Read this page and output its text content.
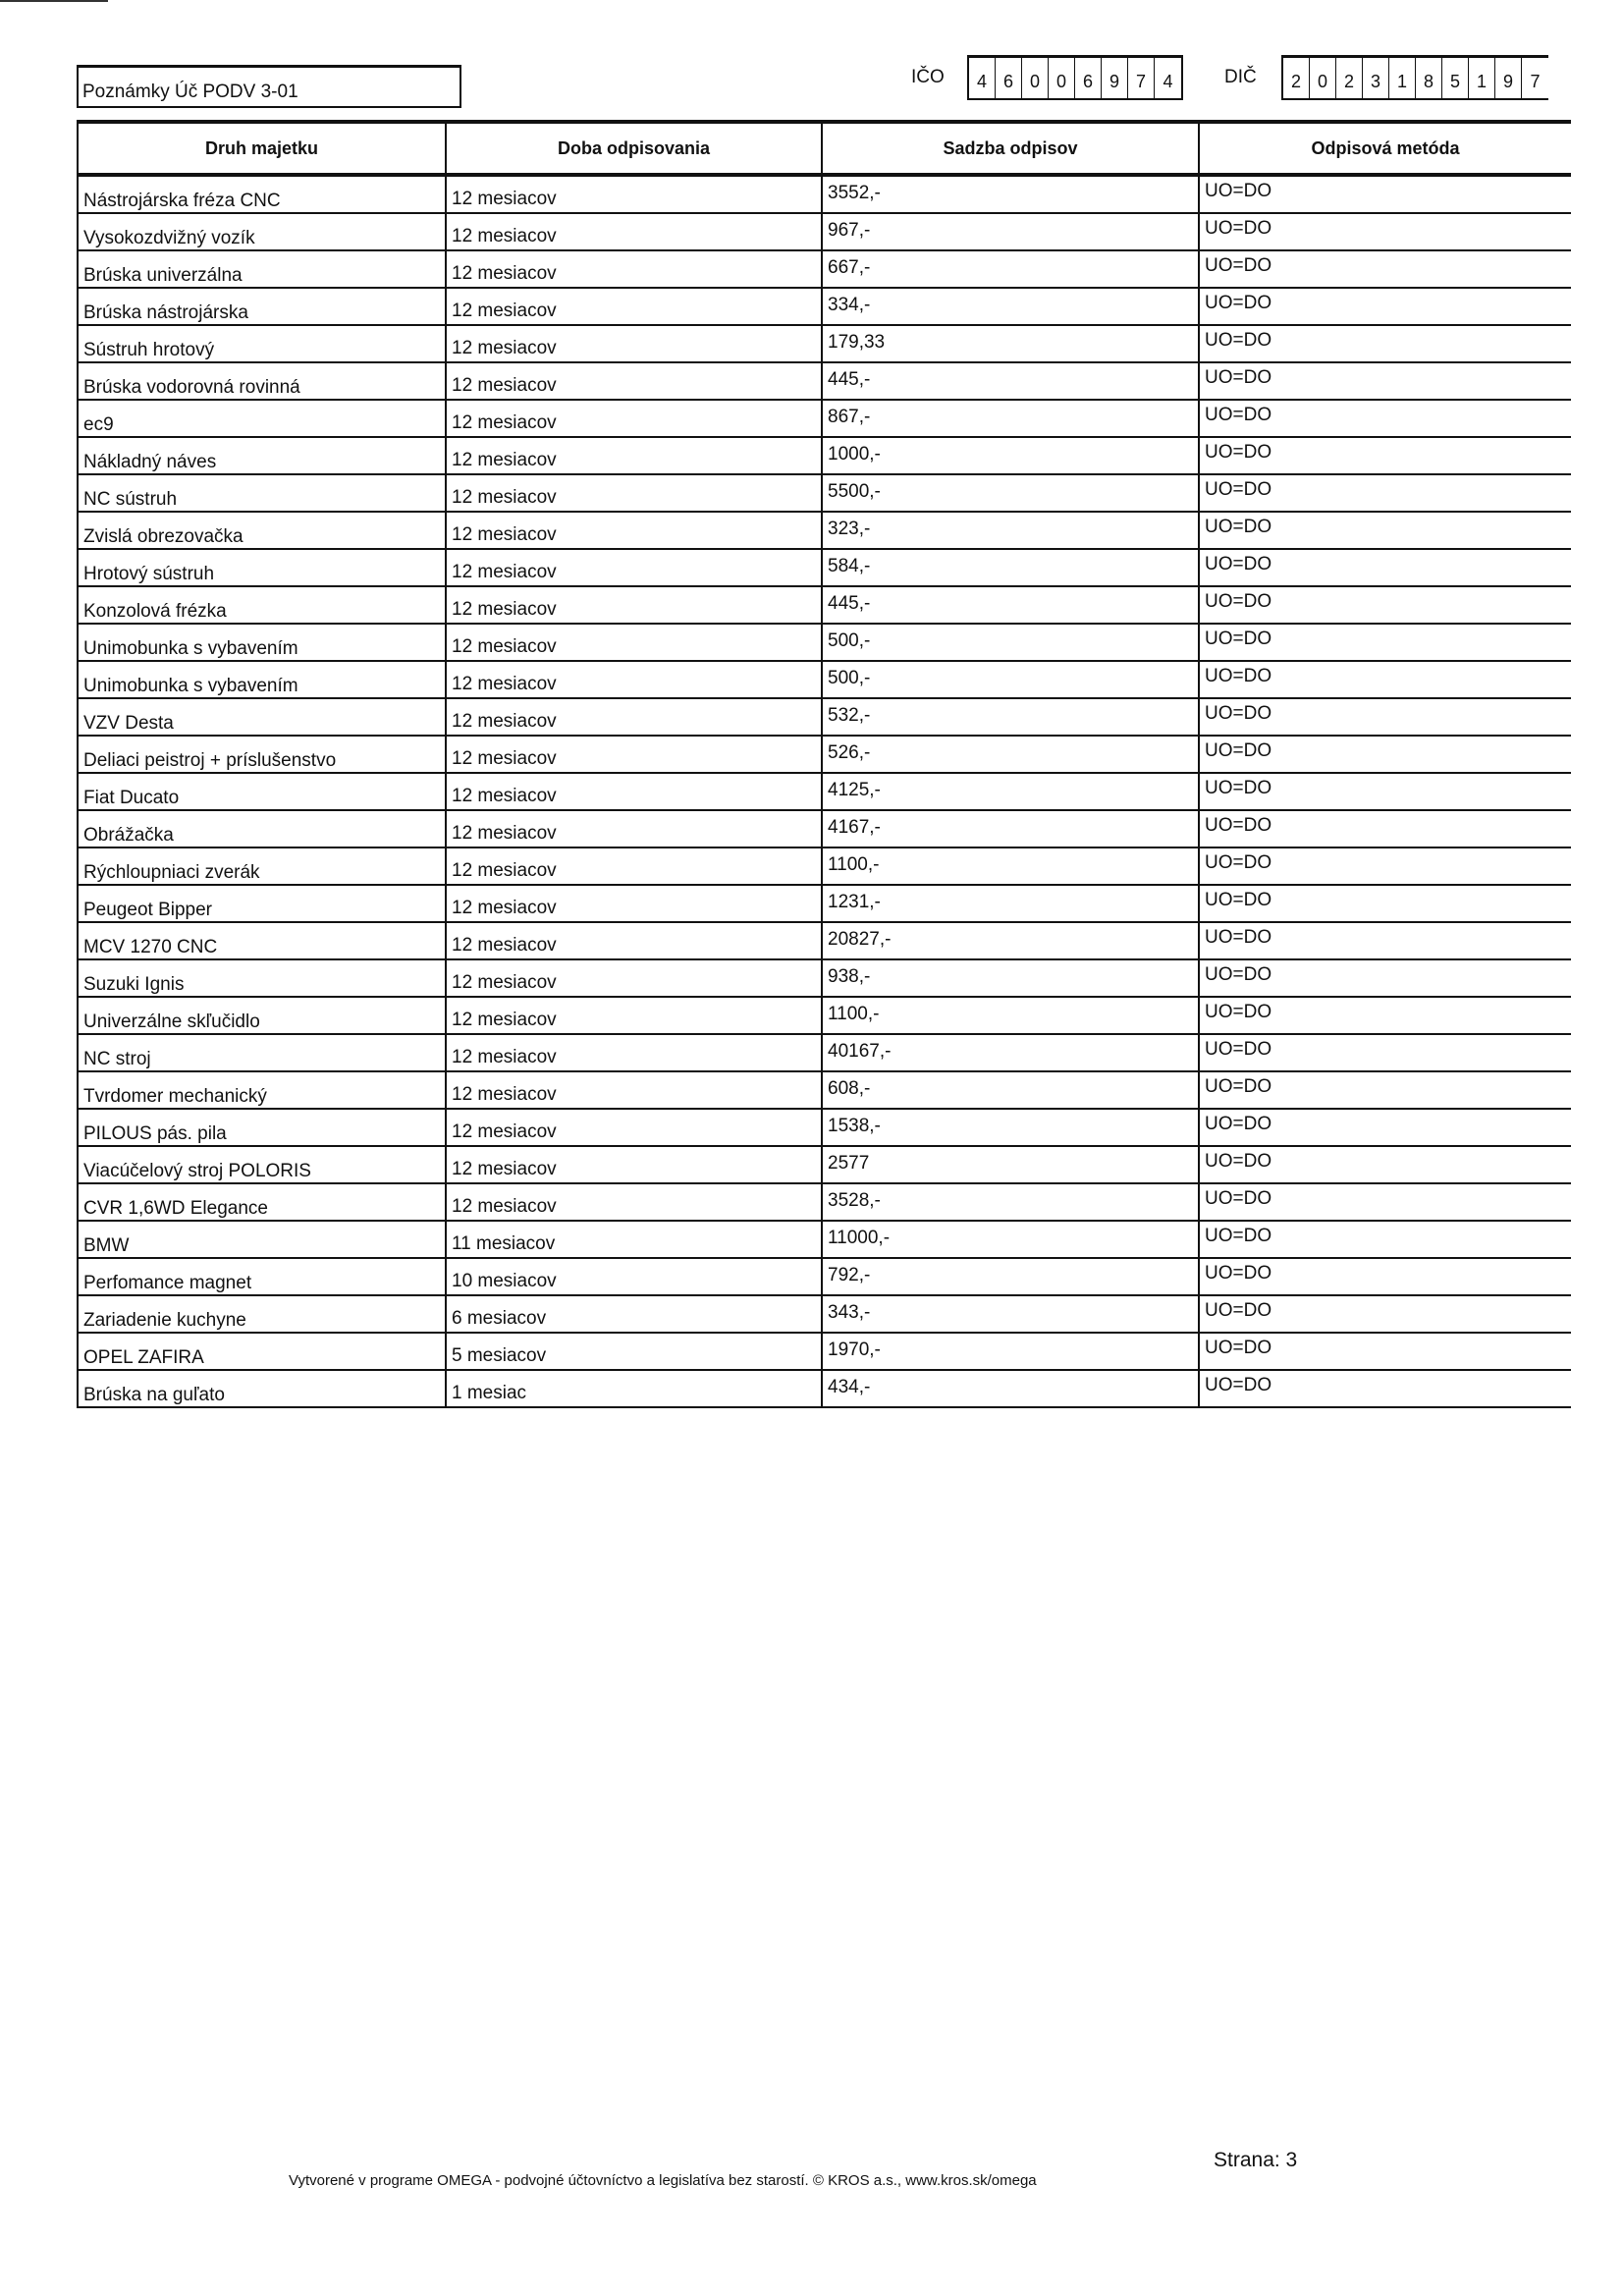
Poznámky Úč PODV 3-01
IČO	4 6 0 0 6 9 7 4	DIČ	2 0 2 3 1 8 5 1 9 7
Druh majetku	Doba odpisovania	Sadzba odpisov	Odpisová metóda
Nástrojárska fréza CNC	12 mesiacov	3552,-	UO=DO
Vysokozdvižný vozík	12 mesiacov	967,-	UO=DO
Brúska univerzálna	12 mesiacov	667,-	UO=DO
Brúska nástrojárska	12 mesiacov	334,-	UO=DO
Sústruh hrotový	12 mesiacov	179,33	UO=DO
Brúska vodorovná rovinná	12 mesiacov	445,-	UO=DO
ec9	12 mesiacov	867,-	UO=DO
Nákladný náves	12 mesiacov	1000,-	UO=DO
NC sústruh	12 mesiacov	5500,-	UO=DO
Zvislá obrezovačka	12 mesiacov	323,-	UO=DO
Hrotový sústruh	12 mesiacov	584,-	UO=DO
Konzolová frézka	12 mesiacov	445,-	UO=DO
Unimobunka s vybavením	12 mesiacov	500,-	UO=DO
Unimobunka s vybavením	12 mesiacov	500,-	UO=DO
VZV Desta	12 mesiacov	532,-	UO=DO
Deliaci peistroj + príslušenstvo	12 mesiacov	526,-	UO=DO
Fiat Ducato	12 mesiacov	4125,-	UO=DO
Obrážačka	12 mesiacov	4167,-	UO=DO
Rýchloupniaci zverák	12 mesiacov	1100,-	UO=DO
Peugeot Bipper	12 mesiacov	1231,-	UO=DO
MCV 1270 CNC	12 mesiacov	20827,-	UO=DO
Suzuki Ignis	12 mesiacov	938,-	UO=DO
Univerzálne skľučidlo	12 mesiacov	1100,-	UO=DO
NC stroj	12 mesiacov	40167,-	UO=DO
Tvrdomer mechanický	12 mesiacov	608,-	UO=DO
PILOUS pás. pila	12 mesiacov	1538,-	UO=DO
Viacúčelový stroj POLORIS	12 mesiacov	2577	UO=DO
CVR 1,6WD Elegance	12 mesiacov	3528,-	UO=DO
BMW	11 mesiacov	11000,-	UO=DO
Perfomance magnet	10 mesiacov	792,-	UO=DO
Zariadenie kuchyne	6 mesiacov	343,-	UO=DO
OPEL ZAFIRA	5 mesiacov	1970,-	UO=DO
Brúska na guľato	1 mesiac	434,-	UO=DO
Vytvorené v programe OMEGA - podvojné účtovníctvo a legislatíva bez starostí. © KROS a.s., www.kros.sk/omega
Strana: 3
